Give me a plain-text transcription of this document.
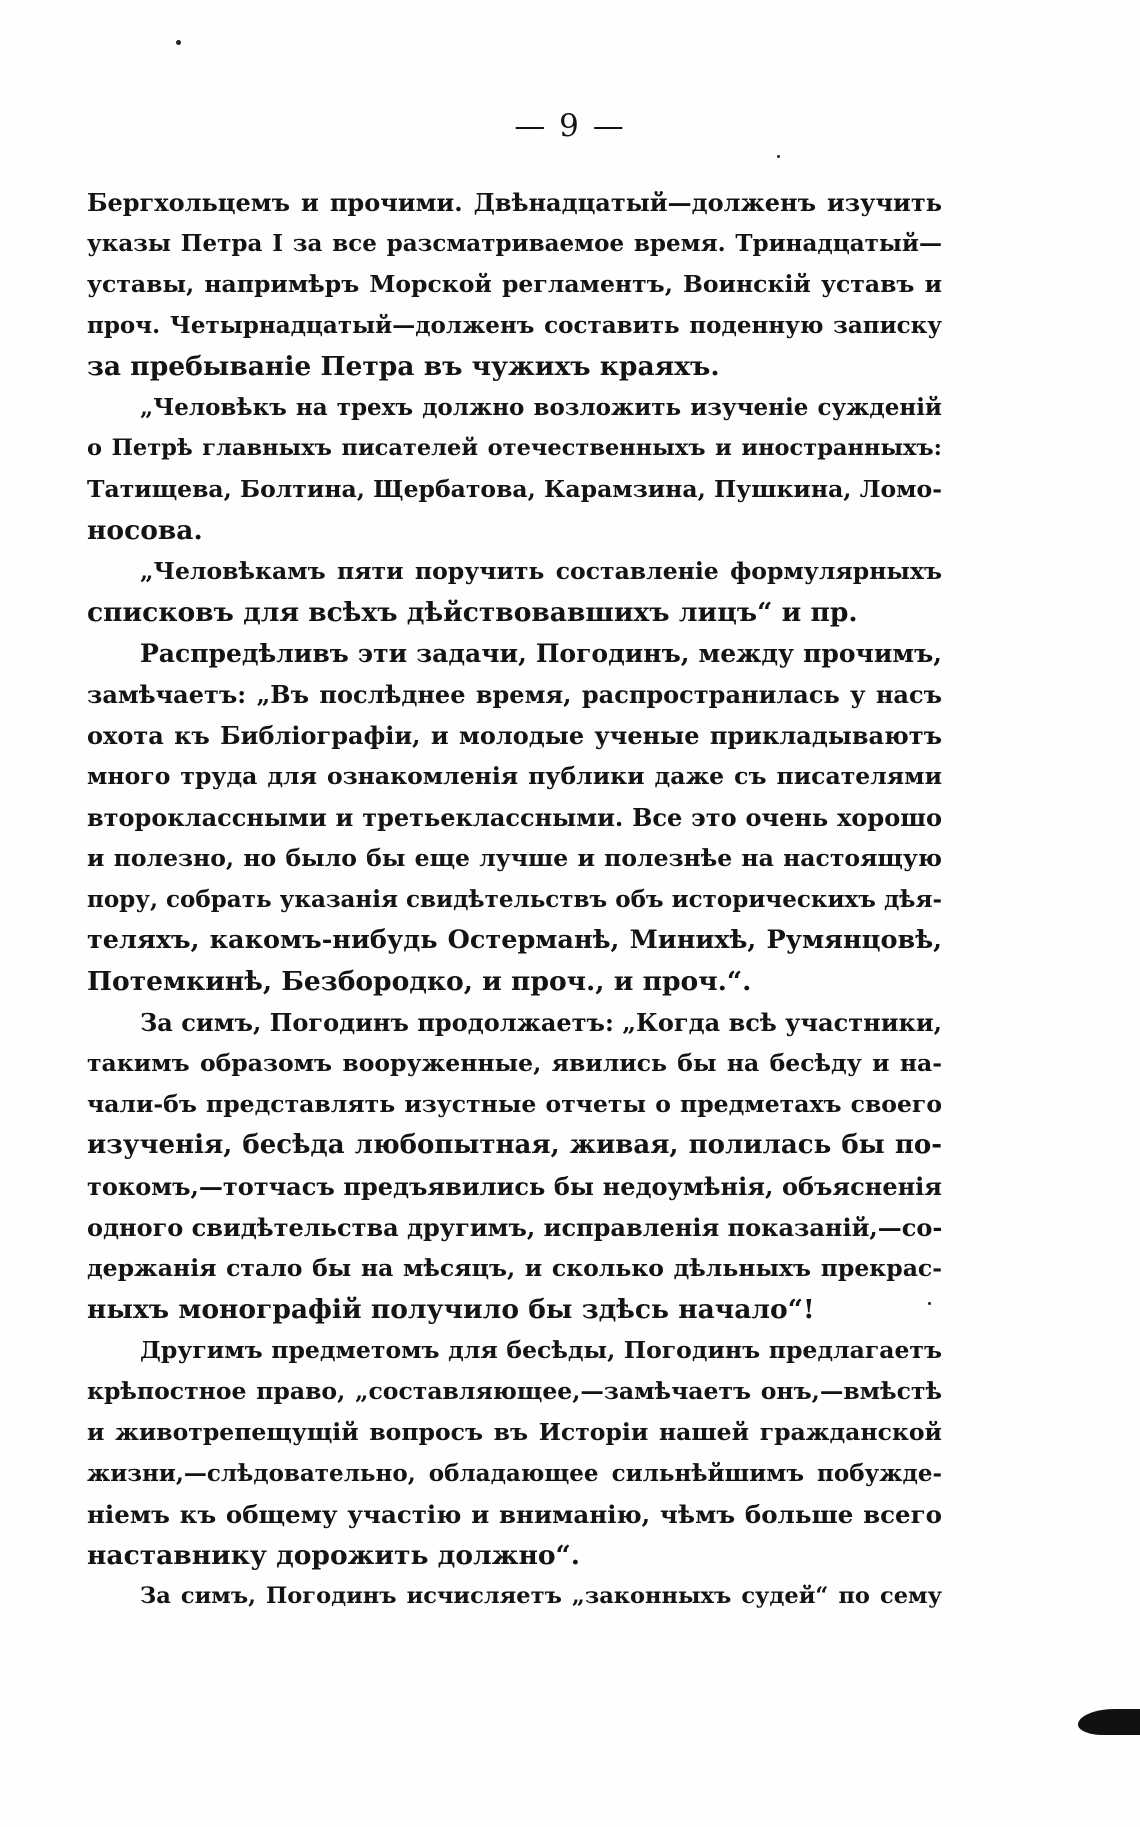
— 9 —
Бергхольцемъ и прочими. Двѣнадцатый—долженъ изучить
указы Петра I за все разсматриваемое время. Тринадцатый—
уставы, напримѣръ Морской регламентъ, Воинскій уставъ и
проч. Четырнадцатый—долженъ составить поденную записку
за пребываніе Петра въ чужихъ краяхъ.
„Человѣкъ на трехъ должно возложить изученіе сужденій
о Петрѣ главныхъ писателей отечественныхъ и иностранныхъ:
Татищева, Болтина, Щербатова, Карамзина, Пушкина, Ломо-
носова.
„Человѣкамъ пяти поручить составленіе формулярныхъ
списковъ для всѣхъ дѣйствовавшихъ лицъ“ и пр.
Распредѣливъ эти задачи, Погодинъ, между прочимъ,
замѣчаетъ: „Въ послѣднее время, распространилась у насъ
охота къ Библіографіи, и молодые ученые прикладываютъ
много труда для ознакомленія публики даже съ писателями
второклассными и третьеклассными. Все это очень хорошо
и полезно, но было бы еще лучше и полезнѣе на настоящую
пору, собрать указанія свидѣтельствъ объ историческихъ дѣя-
теляхъ, какомъ-нибудь Остерманѣ, Минихѣ, Румянцовѣ,
Потемкинѣ, Безбородко, и проч., и проч.“.
За симъ, Погодинъ продолжаетъ: „Когда всѣ участники,
такимъ образомъ вооруженные, явились бы на бесѣду и на-
чали-бъ представлять изустные отчеты о предметахъ своего
изученія, бесѣда любопытная, живая, полилась бы по-
токомъ,—тотчасъ предъявились бы недоумѣнія, объясненія
одного свидѣтельства другимъ, исправленія показаній,—со-
держанія стало бы на мѣсяцъ, и сколько дѣльныхъ прекрас-
ныхъ монографій получило бы здѣсь начало“!
Другимъ предметомъ для бесѣды, Погодинъ предлагаетъ
крѣпостное право, „составляющее,—замѣчаетъ онъ,—вмѣстѣ
и животрепещущій вопросъ въ Исторіи нашей гражданской
жизни,—слѣдовательно, обладающее сильнѣйшимъ побужде-
ніемъ къ общему участію и вниманію, чѣмъ больше всего
наставнику дорожить должно“.
За симъ, Погодинъ исчисляетъ „законныхъ судей“ по сему
